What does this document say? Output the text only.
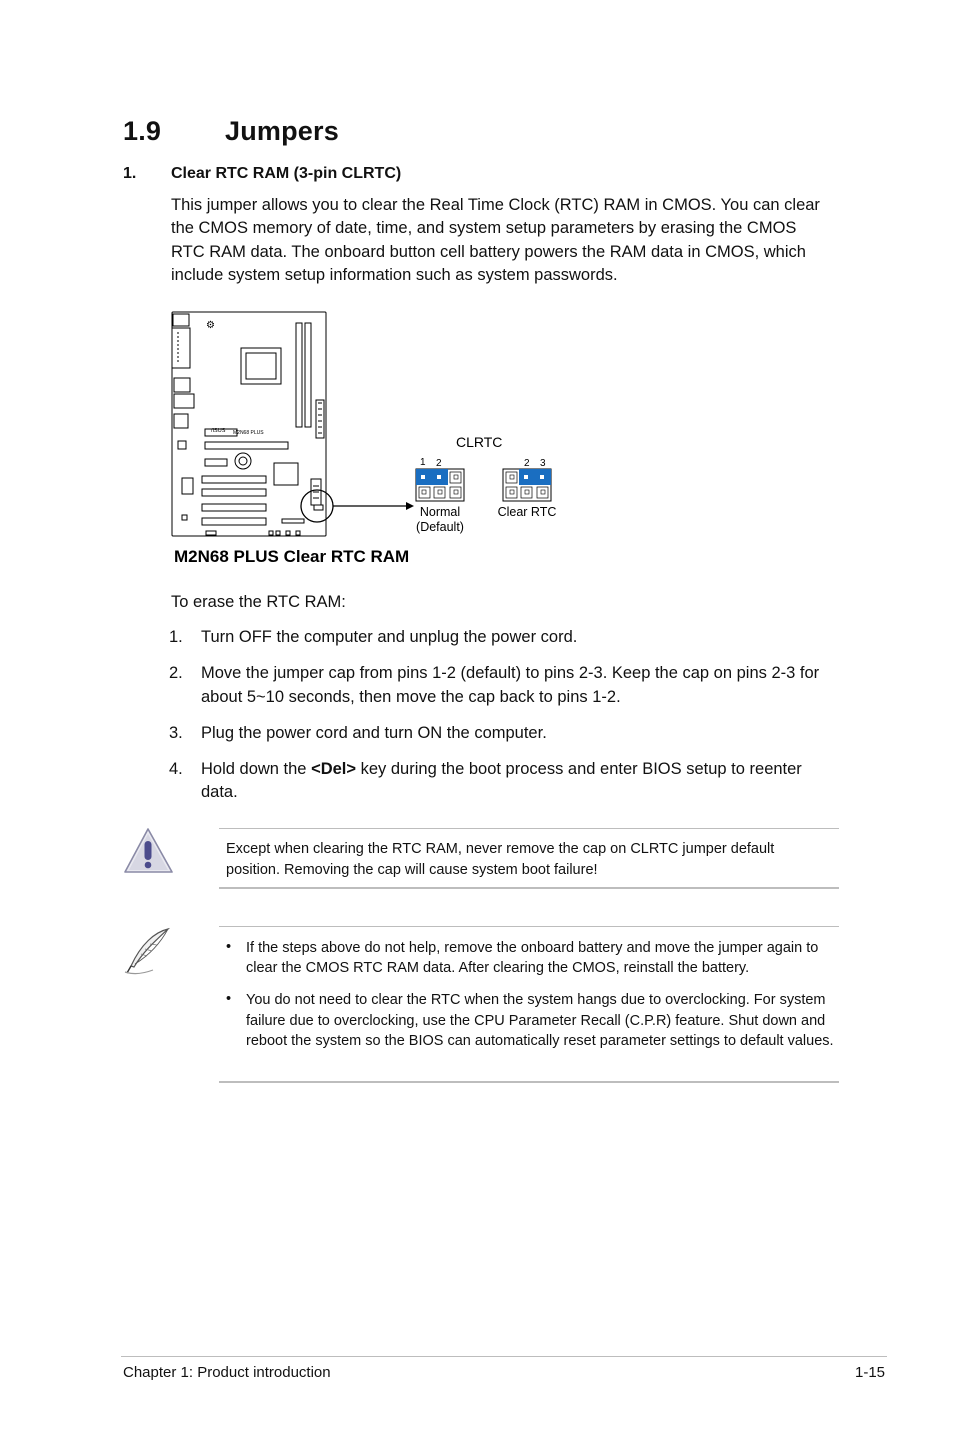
1.9 Jumpers
1. Clear RTC RAM (3-pin CLRTC)
This jumper allows you to clear the Real Time Clock (RTC) RAM in CMOS. You can clear the CMOS memory of date, time, and system setup parameters by erasing the CMOS RTC RAM data. The onboard button cell battery powers the RAM data in CMOS, which include system setup information such as system passwords.
/ISUS M2N68 PLUS
⚙
CLRTC
1 2
Normal
(Default)
2 3
Clear RTC
M2N68 PLUS Clear RTC RAM
To erase the RTC RAM:
1. Turn OFF the computer and unplug the power cord.
2. Move the jumper cap from pins 1-2 (default) to pins 2-3. Keep the cap on pins 2-3 for about 5~10 seconds, then move the cap back to pins 1-2.
3. Plug the power cord and turn ON the computer.
4. Hold down the <Del> key during the boot process and enter BIOS setup to reenter data.
Except when clearing the RTC RAM, never remove the cap on CLRTC jumper default position. Removing the cap will cause system boot failure!
• If the steps above do not help, remove the onboard battery and move the jumper again to clear the CMOS RTC RAM data. After clearing the CMOS, reinstall the battery.
• You do not need to clear the RTC when the system hangs due to overclocking. For system failure due to overclocking, use the CPU Parameter Recall (C.P.R) feature. Shut down and reboot the system so the BIOS can automatically reset parameter settings to default values.
Chapter 1: Product introduction	1-15
